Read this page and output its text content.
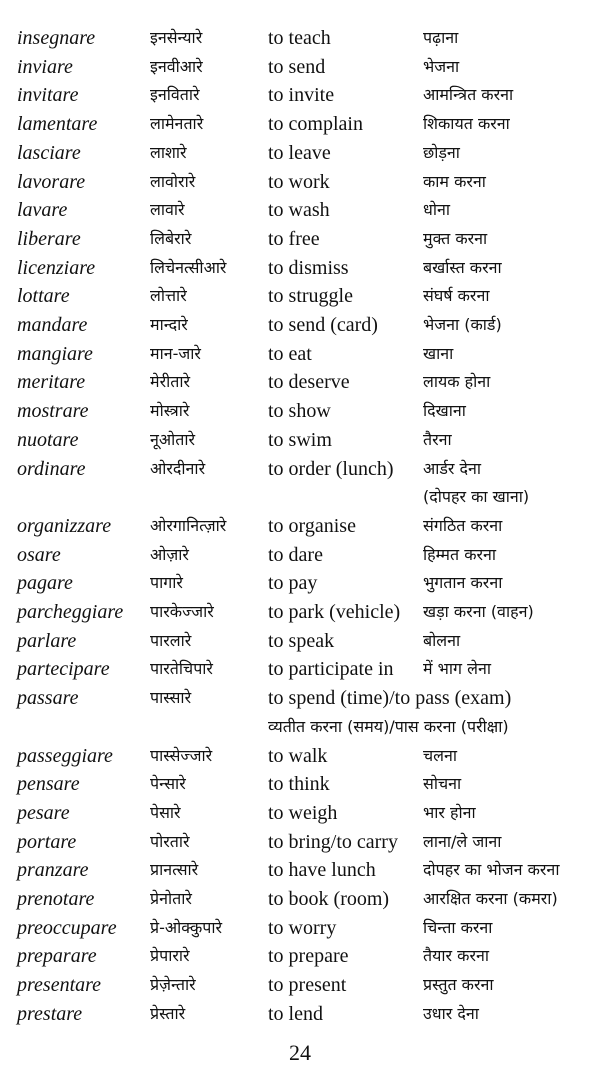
insegnare	इनसेन्यारे	to teach	पढ़ाना
inviare	इनवीआरे	to send	भेजना
invitare	इनवितारे	to invite	आमन्त्रित करना
lamentare	लामेनतारे	to complain	शिकायत करना
lasciare	लाशारे	to leave	छोड़ना
lavorare	लावोरारे	to work	काम करना
lavare	लावारे	to wash	धोना
liberare	लिबेरारे	to free	मुक्त करना
licenziare	लिचेनत्सीआरे to dismiss	बर्खास्त करना
lottare	लोत्तारे	to struggle	संघर्ष करना
mandare	मान्दारे	to send (card)	भेजना (कार्ड)
mangiare	मान-जारे	to eat	खाना
meritare	मेरीतारे	to deserve	लायक होना
mostrare	मोस्त्रारे	to show	दिखाना
nuotare	नूओतारे	to swim	तैरना
ordinare	ओरदीनारे	to order (lunch) आर्डर देना
(दोपहर का खाना)
organizzare ओरगानित्ज़ारे to organise	संगठित करना
osare	ओज़ारे	to dare	हिम्मत करना
pagare	पागारे	to pay	भुगतान करना
parcheggiare पारकेज्जारे	to park (vehicle) खड़ा करना (वाहन)
parlare	पारलारे	to speak	बोलना
partecipare	पारतेचिपारे	to participate in में भाग लेना
passare	पास्सारे	to spend (time)/to pass (exam)
व्यतीत करना (समय)/पास करना (परीक्षा)
passeggiare पास्सेज्जारे	to walk	चलना
pensare	पेन्सारे	to think	सोचना
pesare	पेसारे	to weigh	भार होना
portare	पोरतारे	to bring/to carry लाना/ले जाना
pranzare	प्रानत्सारे	to have lunch	दोपहर का भोजन करना
prenotare	प्रेनोतारे	to book (room) आरक्षित करना (कमरा)
preoccupare प्रे-ओक्कुपारे to worry	चिन्ता करना
preparare	प्रेपारारे	to prepare	तैयार करना
presentare	प्रेज़ेन्तारे	to present	प्रस्तुत करना
prestare	प्रेस्तारे	to lend	उधार देना
24
